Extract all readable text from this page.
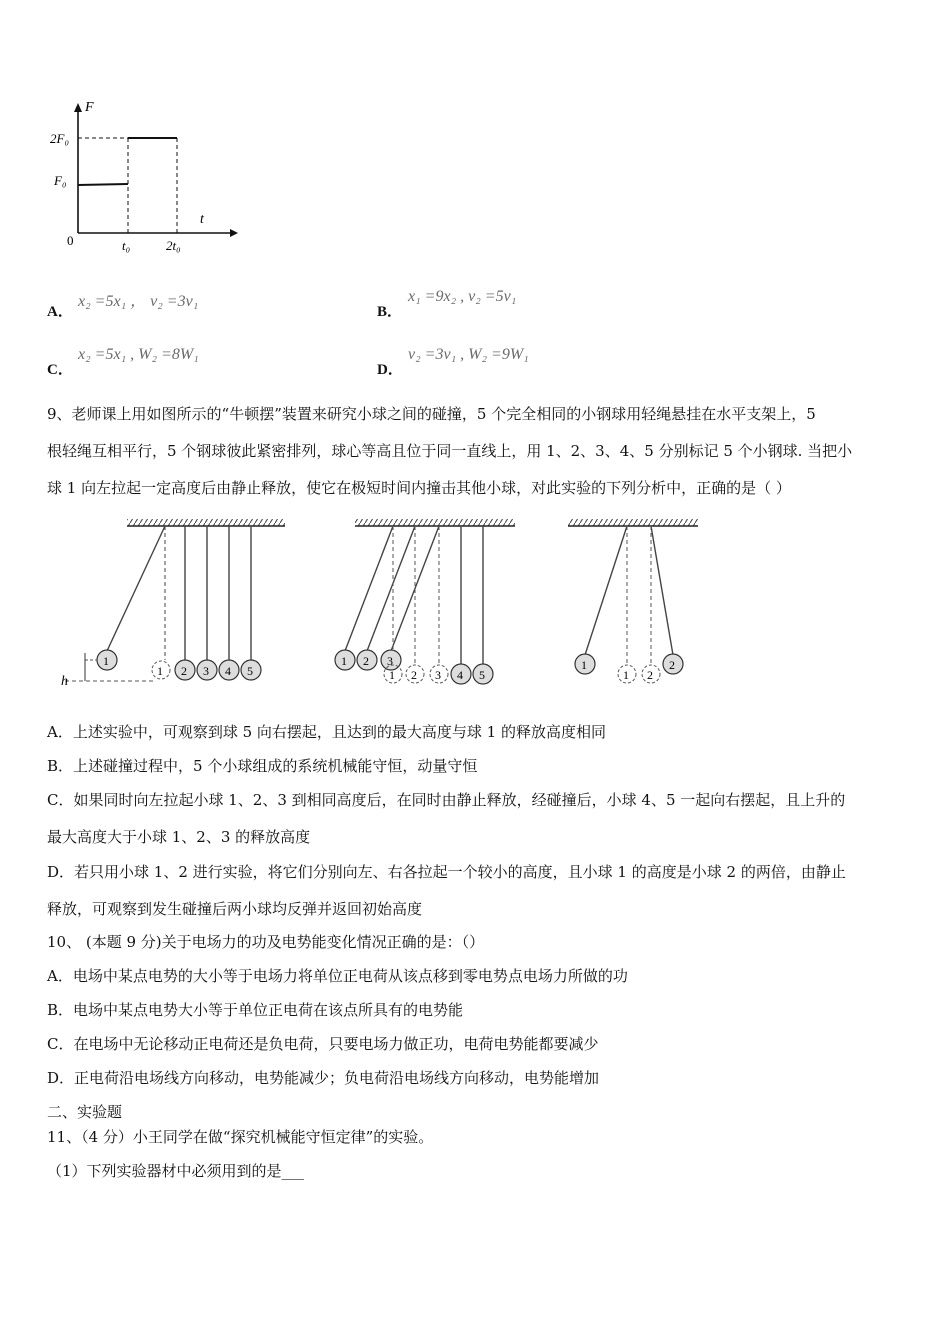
F
t
2F₀
F₀
0	t₀	2t₀
A．
x₂ =5x₁ ， v₂ =3v₁
B．
x₁ =9x₂ , v₂ =5v₁
C．
x₂ =5x₁ , W₂ =8W₁
D．
v₂ =3v₁ , W₂ =9W₁
9、老师课上用如图所示的“牛顿摆”装置来研究小球之间的碰撞，5 个完全相同的小钢球用轻绳悬挂在水平支架上，5
根轻绳互相平行，5 个钢球彼此紧密排列，球心等高且位于同一直线上，用 1、2、3、4、5 分别标记 5 个小钢球. 当把小
球 1 向左拉起一定高度后由静止释放，使它在极短时间内撞击其他小球，对此实验的下列分析中，正确的是（ ）
1
1 2 3 4 5
h
1 2 3
1 2 3 4 5
1	2
1 2
A．上述实验中，可观察到球 5 向右摆起，且达到的最大高度与球 1 的释放高度相同
B．上述碰撞过程中，5 个小球组成的系统机械能守恒，动量守恒
C．如果同时向左拉起小球 1、2、3 到相同高度后，在同时由静止释放，经碰撞后，小球 4、5 一起向右摆起，且上升的
最大高度大于小球 1、2、3 的释放高度
D．若只用小球 1、2 进行实验，将它们分别向左、右各拉起一个较小的高度，且小球 1 的高度是小球 2 的两倍，由静止
释放，可观察到发生碰撞后两小球均反弹并返回初始高度
10、 (本题 9 分)关于电场力的功及电势能变化情况正确的是：（）
A．电场中某点电势的大小等于电场力将单位正电荷从该点移到零电势点电场力所做的功
B．电场中某点电势大小等于单位正电荷在该点所具有的电势能
C．在电场中无论移动正电荷还是负电荷，只要电场力做正功，电荷电势能都要减少
D．正电荷沿电场线方向移动，电势能减少；负电荷沿电场线方向移动，电势能增加
二、实验题
11、（4 分）小王同学在做“探究机械能守恒定律”的实验。
（1）下列实验器材中必须用到的是___
